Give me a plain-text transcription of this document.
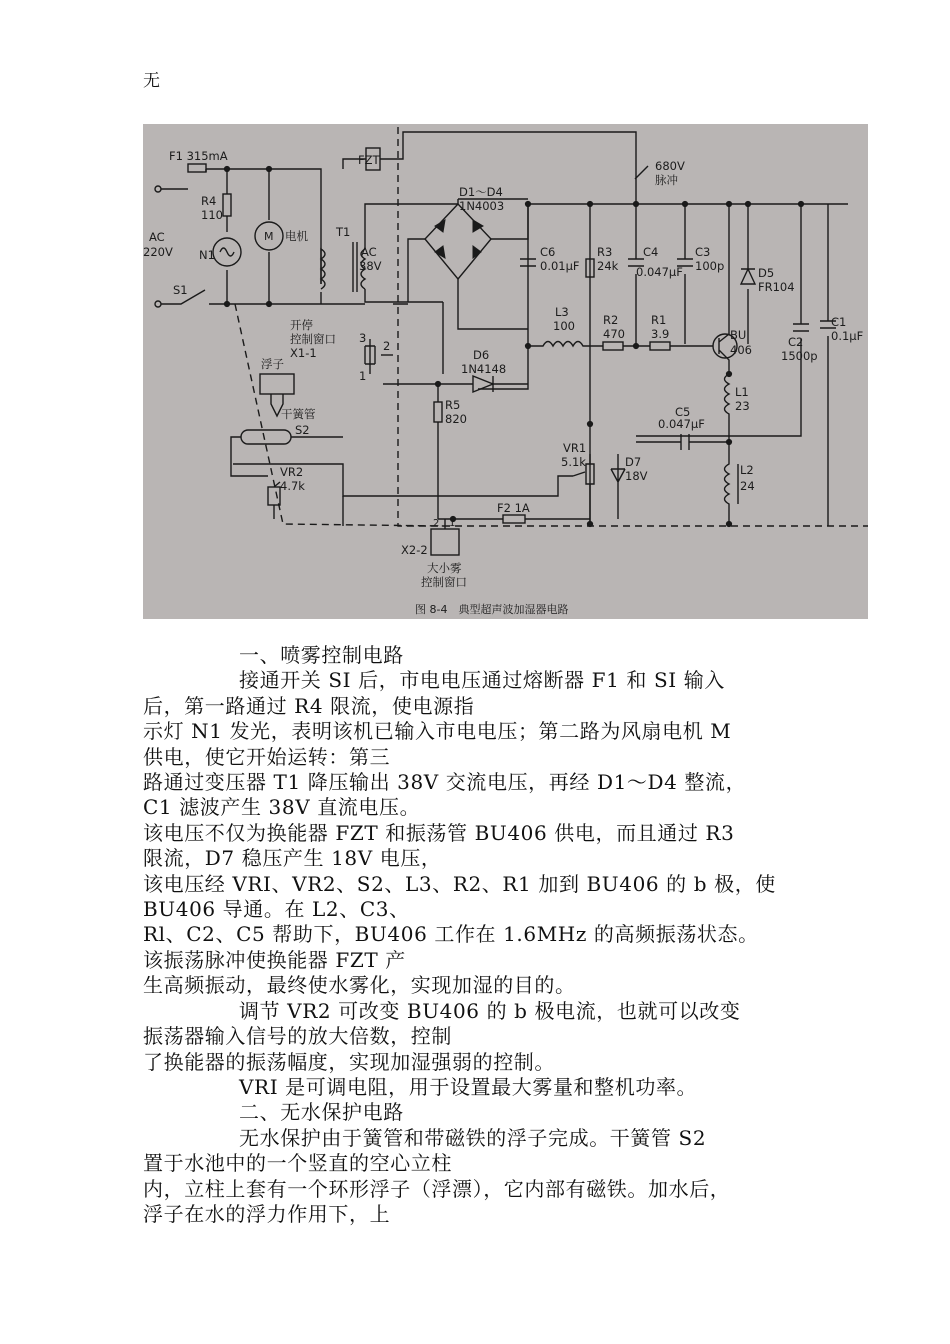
无
FZT	680V
脉冲
F1 315mA
R4
110
AC
220V N1
M 电机 T1
AC
38V
S1
D1～D4
1N4003
C6
0.01μF
R3
24k
C4
0.047μF
C3
100p	D5
FR104
C1
0.1μF
C2
1500p
L3
100 R2
470
R1
3.9	BU
406
开停
控制窗口
X1-1
3
2
1
D6
1N4148
浮子
干簧管
S2
R5
820
L1
23
C5
0.047μF
VR1
5.1k	D7
18V
VR2
4.7k
L2
24
F2 1A
X2-2
2 1
大小雾
控制窗口
图 8-4　典型超声波加湿器电路

一、喷雾控制电路

接通开关 SI 后，市电电压通过熔断器 F1 和 SI 输入

后，第一路通过 R4 限流，使电源指

示灯 N1 发光，表明该机已输入市电电压；第二路为风扇电机 M

供电，使它开始运转：第三

路通过变压器 T1 降压输出 38V 交流电压，再经 D1～D4 整流，

C1 滤波产生 38V 直流电压。

该电压不仅为换能器 FZT 和振荡管 BU406 供电，而且通过 R3

限流，D7 稳压产生 18V 电压，

该电压经 VRI、VR2、S2、L3、R2、R1 加到 BU406 的 b 极，使

BU406 导通。在 L2、C3、

Rl、C2、C5 帮助下，BU406 工作在 1.6MHz 的高频振荡状态。

该振荡脉冲使换能器 FZT 产

生高频振动，最终使水雾化，实现加湿的目的。

调节 VR2 可改变 BU406 的 b 极电流，也就可以改变

振荡器输入信号的放大倍数，控制

了换能器的振荡幅度，实现加湿强弱的控制。

VRI 是可调电阻，用于设置最大雾量和整机功率。

二、无水保护电路

无水保护由于簧管和带磁铁的浮子完成。干簧管 S2

置于水池中的一个竖直的空心立柱

内，立柱上套有一个环形浮子（浮漂），它内部有磁铁。加水后，

浮子在水的浮力作用下，上
